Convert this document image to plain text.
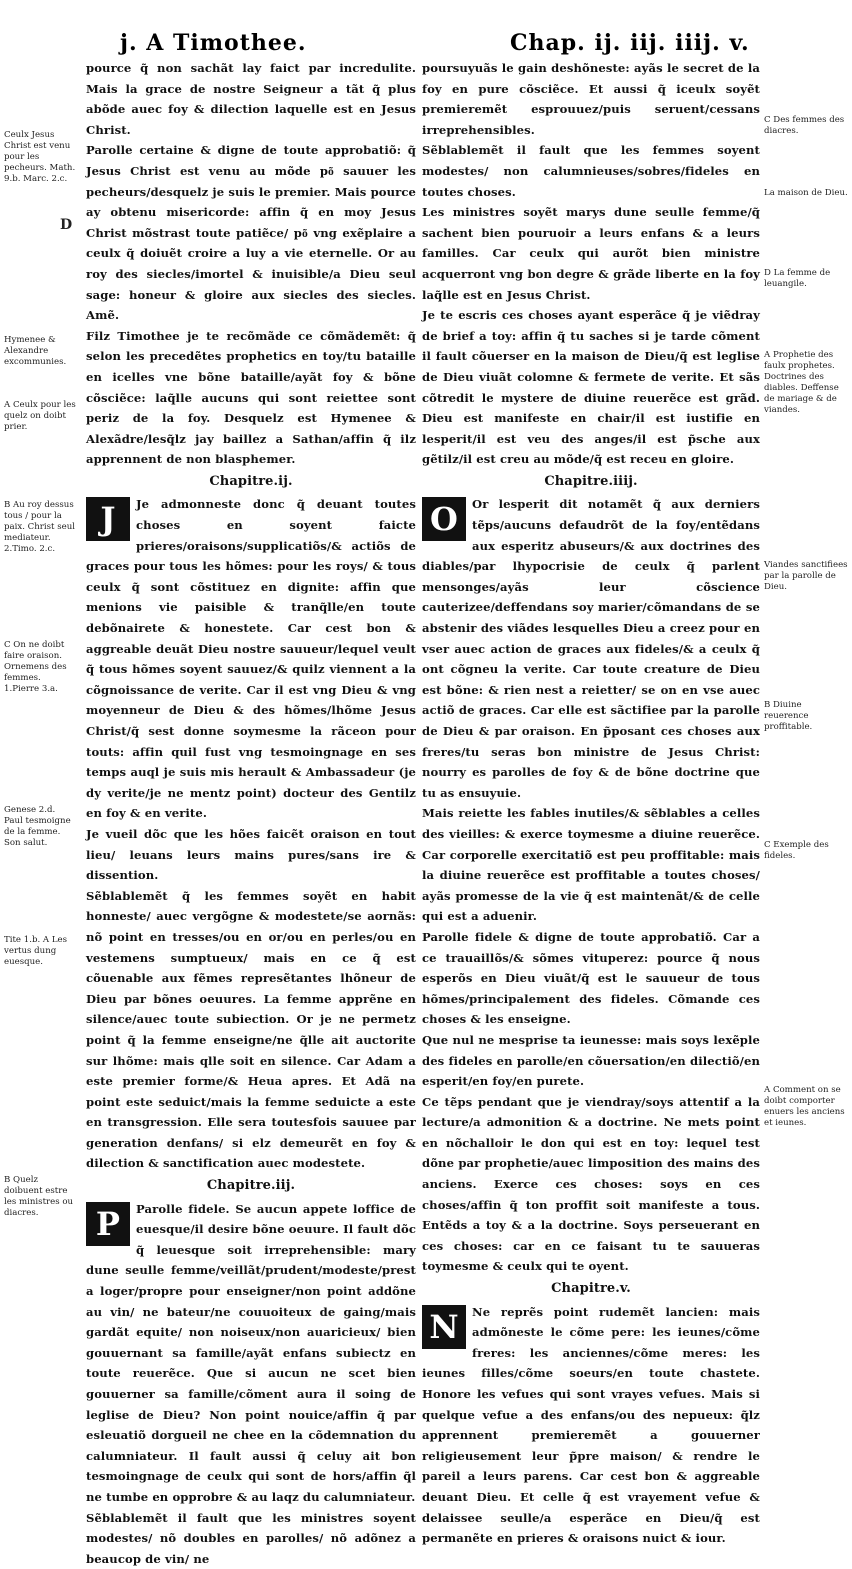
j. A Timothee.	Chap. ij. iij. iiij. v.
Ceulx Jesus Christ est venu pour les pecheurs. Math. 9.b. Marc. 2.c.
D
Hymenee & Alexandre excommunies.
A Ceulx pour les quelz on doibt prier.
B Au roy dessus tous / pour la paix. Christ seul mediateur. 2.Timo. 2.c.
C On ne doibt faire oraison. Ornemens des femmes. 1.Pierre 3.a.
Genese 2.d. Paul tesmoigne de la femme. Son salut.
Tite 1.b. A Les vertus dung euesque.
B Quelz doibuent estre les ministres ou diacres.
C Des femmes des diacres.
La maison de Dieu.
D La femme de leuangile.
A Prophetie des faulx prophetes. Doctrines des diables. Deffense de mariage & de viandes.
Viandes sanctifiees par la parolle de Dieu.
B Diuine reuerence proffitable.
C Exemple des fideles.
A Comment on se doibt comporter enuers les anciens et ieunes.

pource q̃ non sachãt lay faict par incredulite. Mais la grace de nostre Seigneur a tãt q̃ plus abõde auec foy & dilection laquelle est en Jesus Christ.

Parolle certaine & digne de toute approbatiõ: q̃ Jesus Christ est venu au mõde po͂ sauuer les pecheurs/desquelz je suis le premier. Mais pource ay obtenu misericorde: affin q̃ en moy Jesus Christ mõstrast toute patiẽce/ po͂ vng exẽplaire a ceulx q̃ doiuẽt croire a luy a vie eternelle. Or au roy des siecles/imortel & inuisible/a Dieu seul sage: honeur & gloire aux siecles des siecles. Amẽ.

Filz Timothee je te recõmãde ce cõmãdemẽt: q̃ selon les precedẽtes prophetics en toy/tu bataille en icelles vne bõne bataille/ayãt foy & bõne cõsciẽce: laq̃lle aucuns qui sont reiettee sont periz de la foy. Desquelz est Hymenee & Alexãdre/lesq̃lz jay baillez a Sathan/affin q̃ ilz apprennent de non blasphemer.

Chapitre.ij.
J	Je admonneste donc q̃ deuant toutes choses en soyent faicte prieres/oraisons/supplicatiõs/& actiõs de graces pour tous les hõmes: pour les roys/ & tous ceulx q̃ sont cõstituez en dignite: affin que menions vie paisible & tranq̃lle/en toute debõnairete & honestete. Car cest bon & aggreable deuãt Dieu nostre sauueur/lequel veult q̃ tous hõmes soyent sauuez/& quilz viennent a la cõgnoissance de verite. Car il est vng Dieu & vng moyenneur de Dieu & des hõmes/lhõme Jesus Christ/q̃ sest donne soymesme la rãceon pour touts: affin quil fust vng tesmoingnage en ses temps auql je suis mis herault & Ambassadeur (je dy verite/je ne mentz point) docteur des Gentilz en foy & en verite.

Je vueil dõc que les hões faicẽt oraison en tout lieu/ leuans leurs mains pures/sans ire & dissention.

Sẽblablemẽt q̃ les femmes soyẽt en habit honneste/ auec vergõgne & modestete/se aornãs: nõ point en tresses/ou en or/ou en perles/ou en vestemens sumptueux/ mais en ce q̃ est cõuenable aux fẽmes represẽtantes lhõneur de Dieu par bõnes oeuures. La femme apprẽne en silence/auec toute subiection. Or je ne permetz point q̃ la femme enseigne/ne q̃lle ait auctorite sur lhõme: mais qlle soit en silence. Car Adam a este premier forme/& Heua apres. Et Adã na point este seduict/mais la femme seduicte a este en transgression. Elle sera toutesfois sauuee par generation denfans/ si elz demeurẽt en foy & dilection & sanctification auec modestete.

Chapitre.iij.
P	Parolle fidele. Se aucun appete loffice de euesque/il desire bõne oeuure. Il fault dõc q̃ leuesque soit irreprehensible: mary dune seulle femme/veillãt/prudent/modeste/prest a loger/propre pour enseigner/non point addõne au vin/ ne bateur/ne couuoiteux de gaing/mais gardãt equite/ non noiseux/non auaricieux/ bien gouuernant sa famille/ayãt enfans subiectz en toute reuerẽce. Que si aucun ne scet bien gouuerner sa famille/cõment aura il soing de leglise de Dieu? Non point nouice/affin q̃ par esleuatiõ dorgueil ne chee en la cõdemnation du calumniateur. Il fault aussi q̃ celuy ait bon tesmoingnage de ceulx qui sont de hors/affin q̃l ne tumbe en opprobre & au laqz du calumniateur.

Sẽblablemẽt il fault que les ministres soyent modestes/ nõ doubles en parolles/ nõ adõnez a beaucop de vin/ ne

poursuyuãs le gain deshõneste: ayãs le secret de la foy en pure cõsciẽce. Et aussi q̃ iceulx soyẽt premieremẽt esprouuez/puis seruent/cessans irreprehensibles.

Sẽblablemẽt il fault que les femmes soyent modestes/ non calumnieuses/sobres/fideles en toutes choses.

Les ministres soyẽt marys dune seulle femme/q̃ sachent bien pouruoir a leurs enfans & a leurs familles. Car ceulx qui aurõt bien ministre acquerront vng bon degre & grãde liberte en la foy laq̃lle est en Jesus Christ.

Je te escris ces choses ayant esperãce q̃ je viẽdray de brief a toy: affin q̃ tu saches si je tarde cõment il fault cõuerser en la maison de Dieu/q̃ est leglise de Dieu viuãt colomne & fermete de verite. Et sãs cõtredit le mystere de diuine reuerẽce est grãd. Dieu est manifeste en chair/il est iustifie en lesperit/il est veu des anges/il est p̃sche aux gẽtilz/il est creu au mõde/q̃ est receu en gloire.

Chapitre.iiij.
O	Or lesperit dit notamẽt q̃ aux derniers tẽps/aucuns defaudrõt de la foy/entẽdans aux esperitz abuseurs/& aux doctrines des diables/par lhypocrisie de ceulx q̃ parlent mensonges/ayãs leur cõscience cauterizee/deffendans soy marier/cõmandans de se abstenir des viãdes lesquelles Dieu a creez pour en vser auec action de graces aux fideles/& a ceulx q̃ ont cõgneu la verite. Car toute creature de Dieu est bõne: & rien nest a reietter/ se on en vse auec actiõ de graces. Car elle est sãctifiee par la parolle de Dieu & par oraison. En p̃posant ces choses aux freres/tu seras bon ministre de Jesus Christ: nourry es parolles de foy & de bõne doctrine que tu as ensuyuie.

Mais reiette les fables inutiles/& sẽblables a celles des vieilles: & exerce toymesme a diuine reuerẽce. Car corporelle exercitatiõ est peu proffitable: mais la diuine reuerẽce est proffitable a toutes choses/ ayãs promesse de la vie q̃ est maintenãt/& de celle qui est a aduenir.

Parolle fidele & digne de toute approbatiõ. Car a ce trauaillõs/& sõmes vituperez: pource q̃ nous esperõs en Dieu viuãt/q̃ est le sauueur de tous hõmes/principalement des fideles. Cõmande ces choses & les enseigne.

Que nul ne mesprise ta ieunesse: mais soys lexẽple des fideles en parolle/en cõuersation/en dilectiõ/en esperit/en foy/en purete.

Ce tẽps pendant que je viendray/soys attentif a la lecture/a admonition & a doctrine. Ne mets point en nõchalloir le don qui est en toy: lequel test dõne par prophetie/auec limposition des mains des anciens. Exerce ces choses: soys en ces choses/affin q̃ ton proffit soit manifeste a tous. Entẽds a toy & a la doctrine. Soys perseuerant en ces choses: car en ce faisant tu te sauueras toymesme & ceulx qui te oyent.

Chapitre.v.
N	Ne reprẽs point rudemẽt lancien: mais admõneste le cõme pere: les ieunes/cõme freres: les anciennes/cõme meres: les ieunes filles/cõme soeurs/en toute chastete. Honore les vefues qui sont vrayes vefues. Mais si quelque vefue a des enfans/ou des nepueux: q̃lz apprennent premieremẽt a gouuerner religieusement leur p̃pre maison/ & rendre le pareil a leurs parens. Car cest bon & aggreable deuant Dieu. Et celle q̃ est vrayement vefue & delaissee seulle/a esperãce en Dieu/q̃ est permanẽte en prieres & oraisons nuict & iour.
